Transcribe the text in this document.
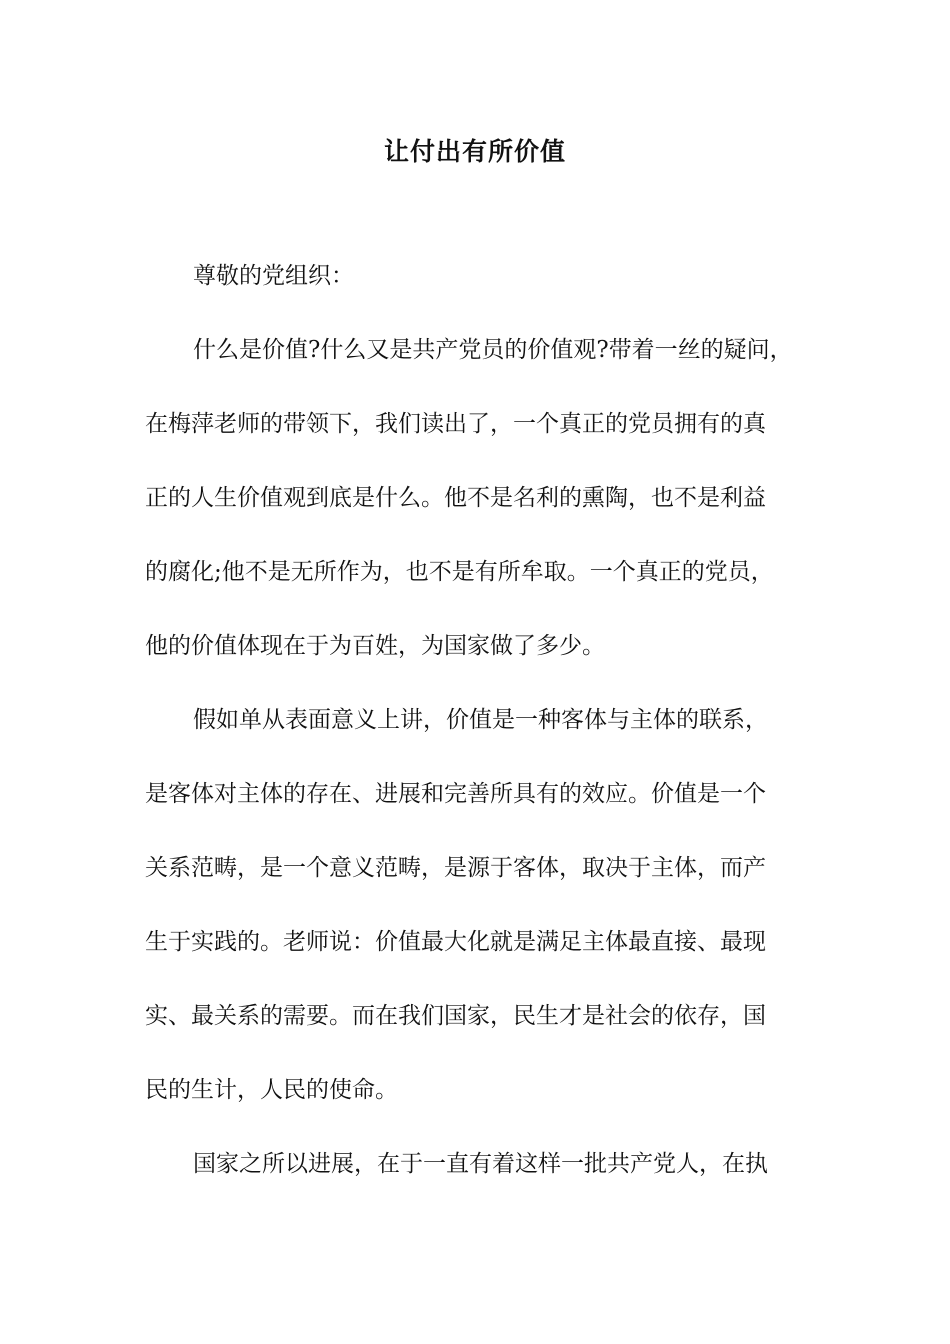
让付出有所价值
尊敬的党组织：
什么是价值?什么又是共产党员的价值观?带着一丝的疑问，
在梅萍老师的带领下，我们读出了，一个真正的党员拥有的真
正的人生价值观到底是什么。他不是名利的熏陶，也不是利益
的腐化;他不是无所作为，也不是有所牟取。一个真正的党员，
他的价值体现在于为百姓，为国家做了多少。
假如单从表面意义上讲，价值是一种客体与主体的联系，
是客体对主体的存在、进展和完善所具有的效应。价值是一个
关系范畴，是一个意义范畴，是源于客体，取决于主体，而产
生于实践的。老师说：价值最大化就是满足主体最直接、最现
实、最关系的需要。而在我们国家，民生才是社会的依存，国
民的生计，人民的使命。
国家之所以进展，在于一直有着这样一批共产党人，在执
